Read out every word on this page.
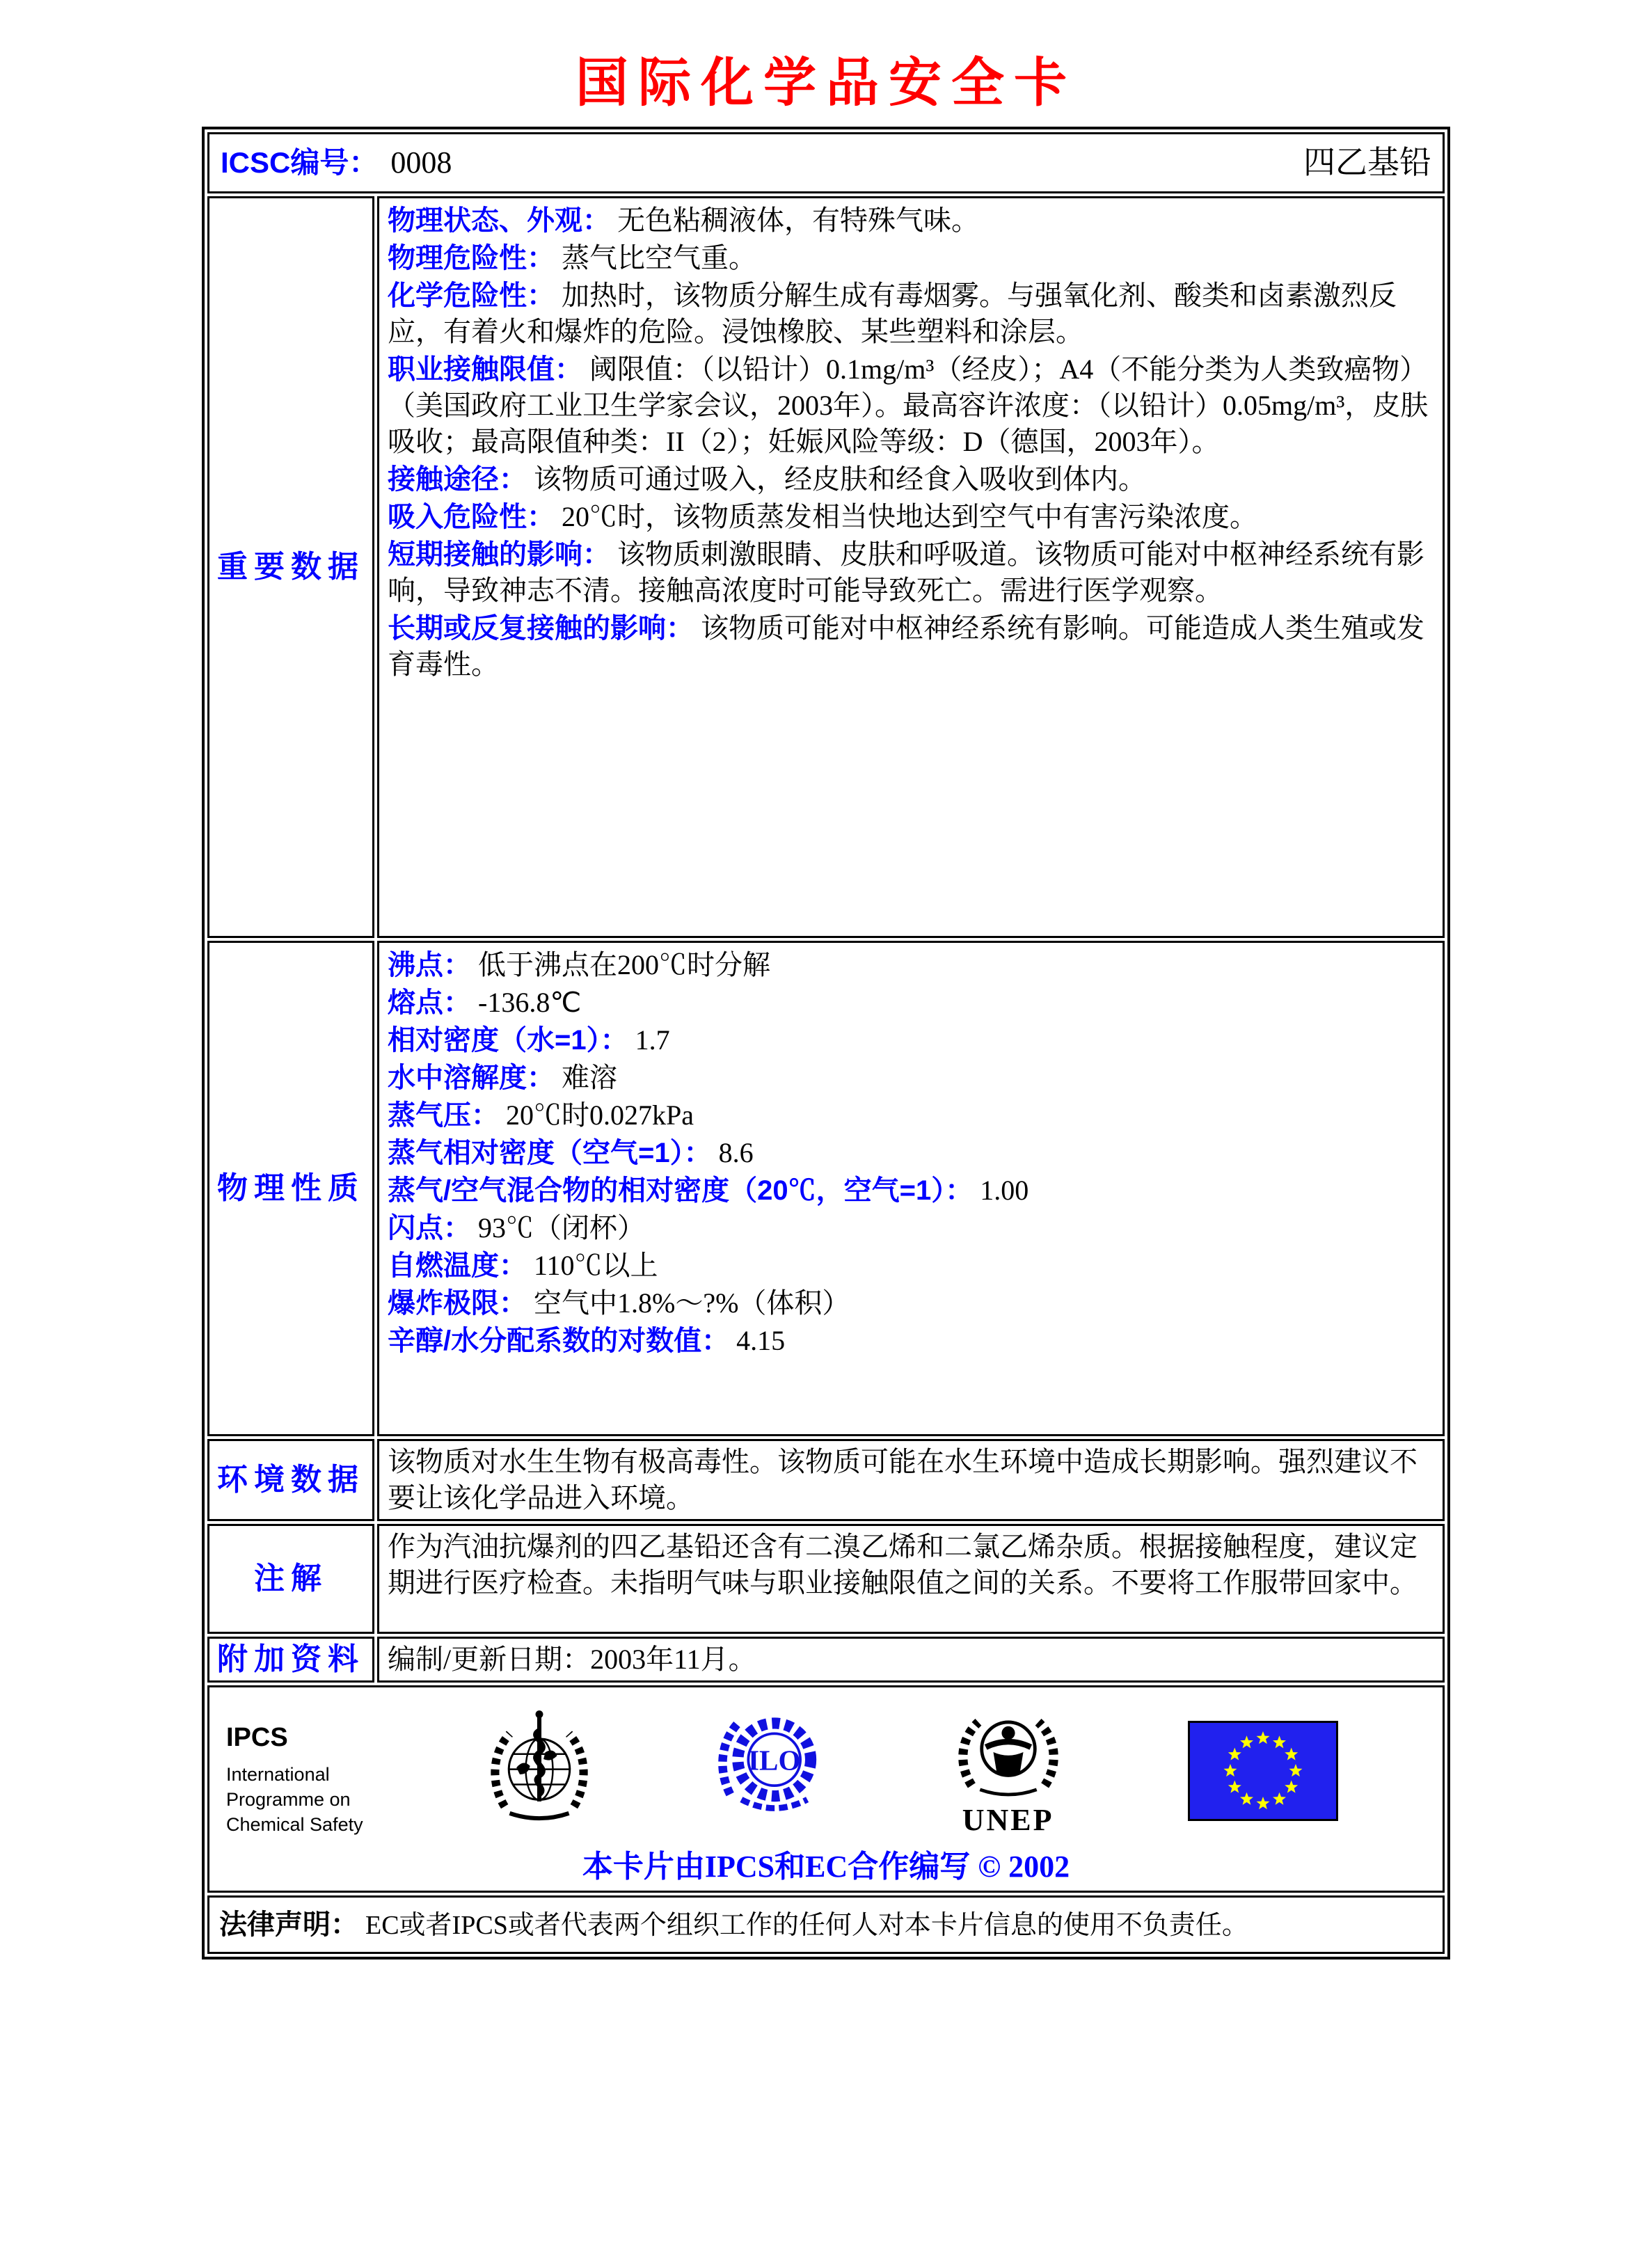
国际化学品安全卡
ICSC编号： 0008 四乙基铅	

重要数据	
物理状态、外观： 无色粘稠液体，有特殊气味。
物理危险性： 蒸气比空气重。
化学危险性： 加热时，该物质分解生成有毒烟雾。与强氧化剂、酸类和卤素激烈反应，有着火和爆炸的危险。浸蚀橡胶、某些塑料和涂层。
职业接触限值： 阈限值：（以铅计）0.1mg/m³（经皮）；A4（不能分类为人类致癌物）（美国政府工业卫生学家会议，2003年）。最高容许浓度：（以铅计）0.05mg/m³，皮肤吸收；最高限值种类：II（2）；妊娠风险等级：D（德国，2003年）。
接触途径： 该物质可通过吸入，经皮肤和经食入吸收到体内。
吸入危险性： 20℃时，该物质蒸发相当快地达到空气中有害污染浓度。
短期接触的影响： 该物质刺激眼睛、皮肤和呼吸道。该物质可能对中枢神经系统有影响，导致神志不清。接触高浓度时可能导致死亡。需进行医学观察。
长期或反复接触的影响： 该物质可能对中枢神经系统有影响。可能造成人类生殖或发育毒性。

物理性质	
沸点： 低于沸点在200℃时分解
熔点： -136.8℃
相对密度（水=1）： 1.7
水中溶解度： 难溶
蒸气压： 20℃时0.027kPa
蒸气相对密度（空气=1）： 8.6
蒸气/空气混合物的相对密度（20℃，空气=1）： 1.00
闪点： 93℃（闭杯）
自燃温度： 110℃以上
爆炸极限： 空气中1.8%～?%（体积）
辛醇/水分配系数的对数值： 4.15

环境数据	该物质对水生生物有极高毒性。该物质可能在水生环境中造成长期影响。强烈建议不要让该化学品进入环境。
注解	作为汽油抗爆剂的四乙基铅还含有二溴乙烯和二氯乙烯杂质。根据接触程度，建议定期进行医疗检查。未指明气味与职业接触限值之间的关系。不要将工作服带回家中。
附加资料	编制/更新日期：2003年11月。

IPCS
International
Programme on
Chemical Safety
ILO
UNEP
本卡片由IPCS和EC合作编写 © 2002

法律声明： EC或者IPCS或者代表两个组织工作的任何人对本卡片信息的使用不负责任。	
